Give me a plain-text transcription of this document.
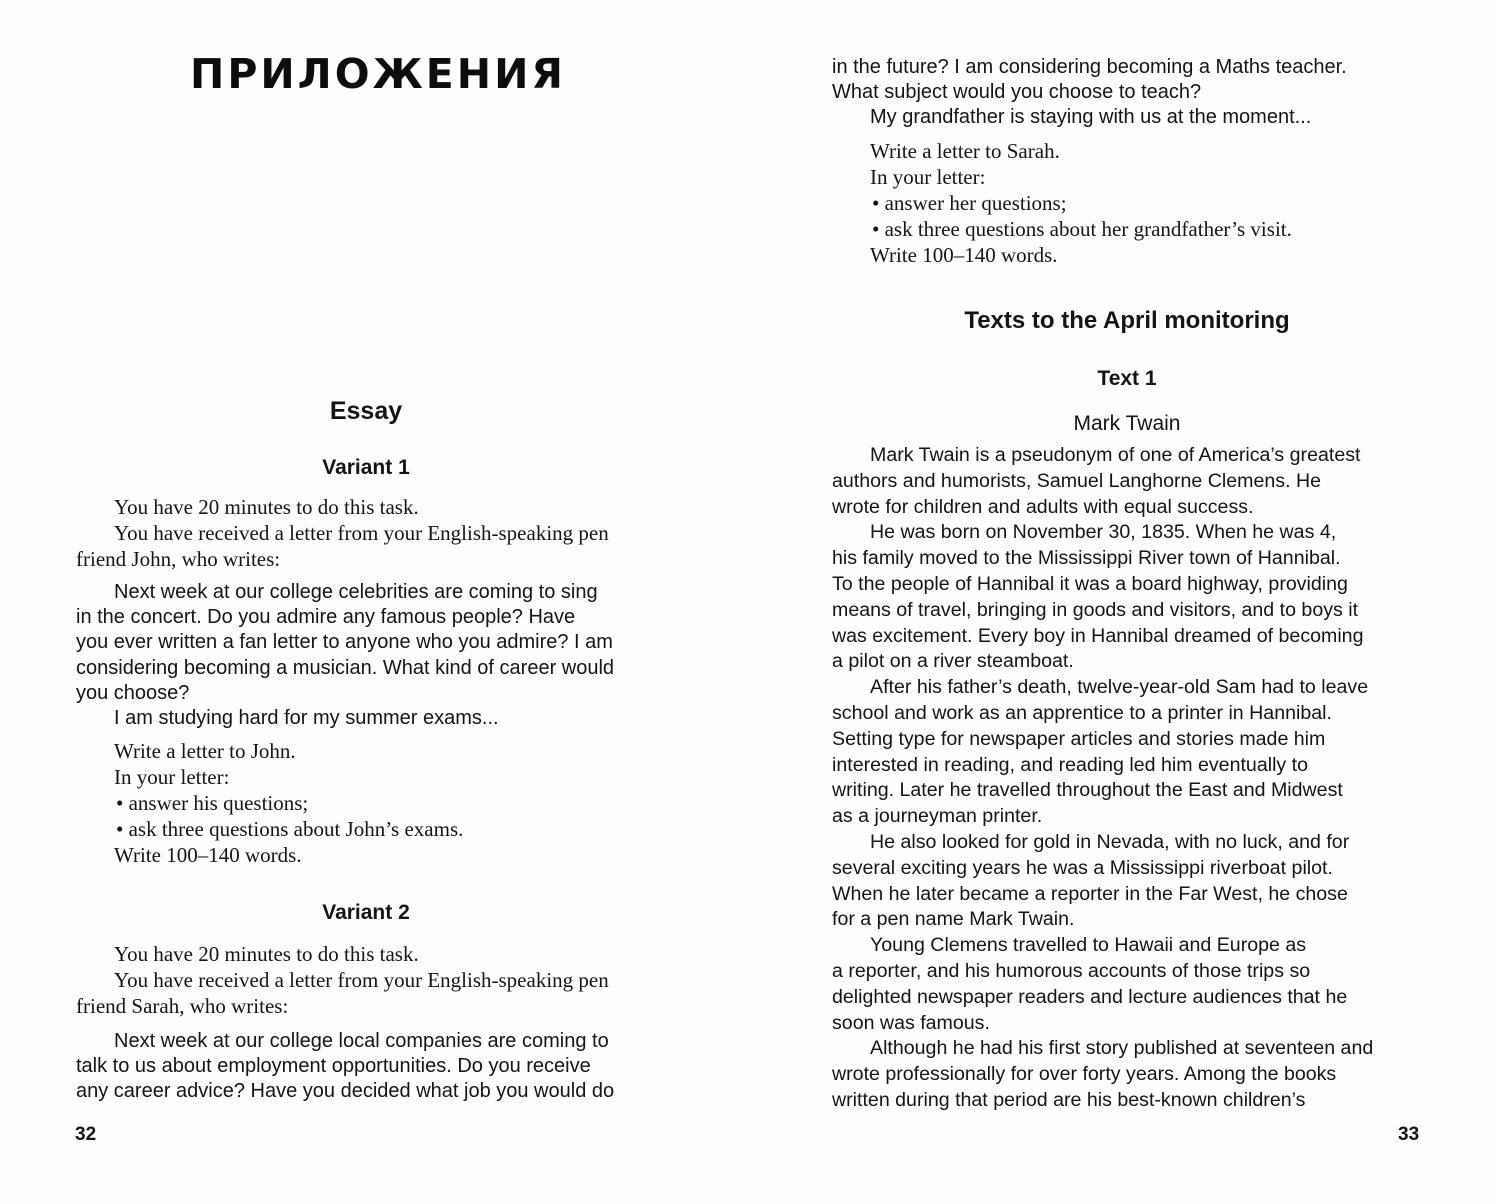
ПРИЛОЖЕНИЯ
Essay
Variant 1

You have 20 minutes to do this task.

You have received a letter from your English-speaking pen

friend John, who writes:

Next week at our college celebrities are coming to sing

in the concert. Do you admire any famous people? Have

you ever written a fan letter to anyone who you admire? I am

considering becoming a musician. What kind of career would

you choose?

I am studying hard for my summer exams...

Write a letter to John.

In your letter:

• answer his questions;

• ask three questions about John’s exams.

Write 100–140 words.

Variant 2

You have 20 minutes to do this task.

You have received a letter from your English-speaking pen

friend Sarah, who writes:

Next week at our college local companies are coming to

talk to us about employment opportunities. Do you receive

any career advice? Have you decided what job you would do

32

in the future? I am considering becoming a Maths teacher.

What subject would you choose to teach?

My grandfather is staying with us at the moment...

Write a letter to Sarah.

In your letter:

• answer her questions;

• ask three questions about her grandfather’s visit.

Write 100–140 words.

Texts to the April monitoring
Text 1
Mark Twain

Mark Twain is a pseudonym of one of America’s greatest

authors and humorists, Samuel Langhorne Clemens. He

wrote for children and adults with equal success.

He was born on November 30, 1835. When he was 4,

his family moved to the Mississippi River town of Hannibal.

To the people of Hannibal it was a board highway, providing

means of travel, bringing in goods and visitors, and to boys it

was excitement. Every boy in Hannibal dreamed of becoming

a pilot on a river steamboat.

After his father’s death, twelve-year-old Sam had to leave

school and work as an apprentice to a printer in Hannibal.

Setting type for newspaper articles and stories made him

interested in reading, and reading led him eventually to

writing. Later he travelled throughout the East and Midwest

as a journeyman printer.

He also looked for gold in Nevada, with no luck, and for

several exciting years he was a Mississippi riverboat pilot.

When he later became a reporter in the Far West, he chose

for a pen name Mark Twain.

Young Clemens travelled to Hawaii and Europe as

a reporter, and his humorous accounts of those trips so

delighted newspaper readers and lecture audiences that he

soon was famous.

Although he had his first story published at seventeen and

wrote professionally for over forty years. Among the books

written during that period are his best-known children’s

33
